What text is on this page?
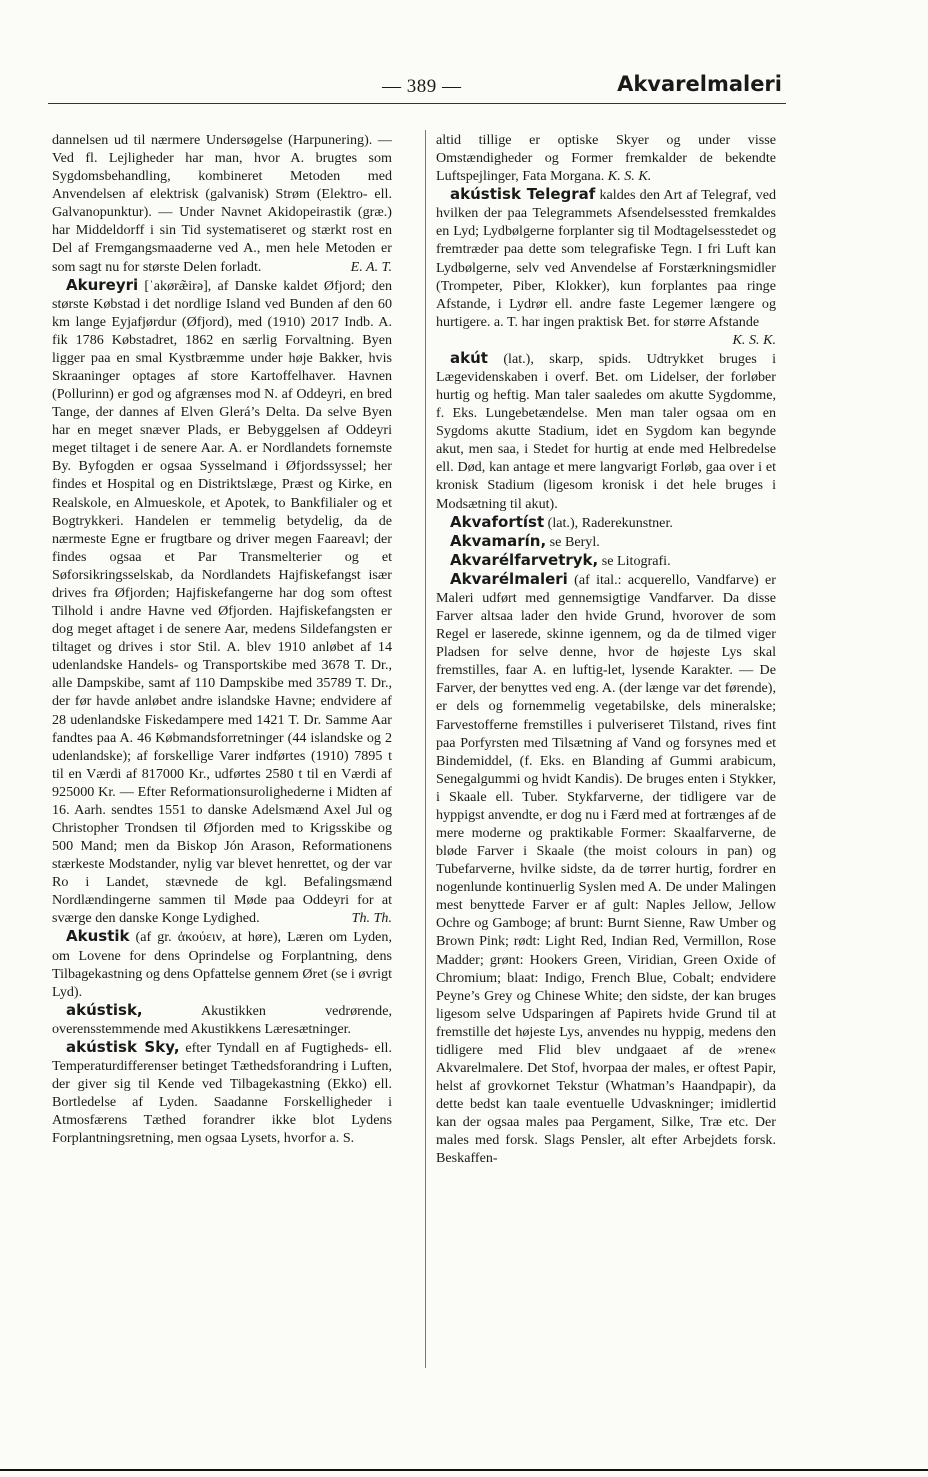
— 389 —	Akvarelmaleri

dannelsen ud til nærmere Undersøgelse (Harpunering). — Ved fl. Lejligheder har man, hvor A. brugtes som Sygdomsbehandling, kombineret Metoden med Anvendelsen af elektrisk (galvanisk) Strøm (Elektro- ell. Galvanopunktur). — Under Navnet Akidopeirastik (græ.) har Middeldorff i sin Tid systematiseret og stærkt rost en Del af Fremgangsmaaderne ved A., men hele Metoden er som sagt nu for største Delen forladt.	E. A. T.

Akureyri [ˈakøræ̃irə], af Danske kaldet Øfjord; den største Købstad i det nordlige Island ved Bunden af den 60 km lange Eyjafjørdur (Øfjord), med (1910) 2017 Indb. A. fik 1786 Købstadret, 1862 en særlig Forvaltning. Byen ligger paa en smal Kystbræmme under høje Bakker, hvis Skraaninger optages af store Kartoffelhaver. Havnen (Pollurinn) er god og afgrænses mod N. af Oddeyri, en bred Tange, der dannes af Elven Glerá’s Delta. Da selve Byen har en meget snæver Plads, er Bebyggelsen af Oddeyri meget tiltaget i de senere Aar. A. er Nordlandets fornemste By. Byfogden er ogsaa Sysselmand i Øfjordssyssel; her findes et Hospital og en Distriktslæge, Præst og Kirke, en Realskole, en Almueskole, et Apotek, to Bankfilialer og et Bogtrykkeri. Handelen er temmelig betydelig, da de nærmeste Egne er frugtbare og driver megen Faareavl; der findes ogsaa et Par Transmelterier og et Søforsikringsselskab, da Nordlandets Hajfiskefangst især drives fra Øfjorden; Hajfiskefangerne har dog som oftest Tilhold i andre Havne ved Øfjorden. Hajfiskefangsten er dog meget aftaget i de senere Aar, medens Sildefangsten er tiltaget og drives i stor Stil. A. blev 1910 anløbet af 14 udenlandske Handels- og Transportskibe med 3678 T. Dr., alle Dampskibe, samt af 110 Dampskibe med 35789 T. Dr., der før havde anløbet andre islandske Havne; endvidere af 28 udenlandske Fiskedampere med 1421 T. Dr. Samme Aar fandtes paa A. 46 Købmandsforretninger (44 islandske og 2 udenlandske); af forskellige Varer indførtes (1910) 7895 t til en Værdi af 817000 Kr., udførtes 2580 t til en Værdi af 925000 Kr. — Efter Reformationsurolighederne i Midten af 16. Aarh. sendtes 1551 to danske Adelsmænd Axel Jul og Christopher Trondsen til Øfjorden med to Krigsskibe og 500 Mand; men da Biskop Jón Arason, Reformationens stærkeste Modstander, nylig var blevet henrettet, og der var Ro i Landet, stævnede de kgl. Befalingsmænd Nordlændingerne sammen til Møde paa Oddeyri for at sværge den danske Konge Lydighed.	Th. Th.

Akustik (af gr. ἀκούειν, at høre), Læren om Lyden, om Lovene for dens Oprindelse og Forplantning, dens Tilbagekastning og dens Opfattelse gennem Øret (se i øvrigt Lyd).

akústisk, Akustikken vedrørende, overensstemmende med Akustikkens Læresætninger.

akústisk Sky, efter Tyndall en af Fugtigheds- ell. Temperaturdifferenser betinget Tæthedsforandring i Luften, der giver sig til Kende ved Tilbagekastning (Ekko) ell. Bortledelse af Lyden. Saadanne Forskelligheder i Atmosfærens Tæthed forandrer ikke blot Lydens Forplantningsretning, men ogsaa Lysets, hvorfor a. S.

altid tillige er optiske Skyer og under visse Omstændigheder og Former fremkalder de bekendte Luftspejlinger, Fata Morgana. K. S. K.

akústisk Telegraf kaldes den Art af Telegraf, ved hvilken der paa Telegrammets Afsendelsessted fremkaldes en Lyd; Lydbølgerne forplanter sig til Modtagelsesstedet og fremtræder paa dette som telegrafiske Tegn. I fri Luft kan Lydbølgerne, selv ved Anvendelse af Forstærkningsmidler (Trompeter, Piber, Klokker), kun forplantes paa ringe Afstande, i Lydrør ell. andre faste Legemer længere og hurtigere. a. T. har ingen praktisk Bet. for større Afstande

K. S. K.

akút (lat.), skarp, spids. Udtrykket bruges i Lægevidenskaben i overf. Bet. om Lidelser, der forløber hurtig og heftig. Man taler saaledes om akutte Sygdomme, f. Eks. Lungebetændelse. Men man taler ogsaa om en Sygdoms akutte Stadium, idet en Sygdom kan begynde akut, men saa, i Stedet for hurtig at ende med Helbredelse ell. Død, kan antage et mere langvarigt Forløb, gaa over i et kronisk Stadium (ligesom kronisk i det hele bruges i Modsætning til akut).

Akvafortíst (lat.), Raderekunstner.

Akvamarín, se Beryl.

Akvarélfarvetryk, se Litografi.

Akvarélmaleri (af ital.: acquerello, Vandfarve) er Maleri udført med gennemsigtige Vandfarver. Da disse Farver altsaa lader den hvide Grund, hvorover de som Regel er laserede, skinne igennem, og da de tilmed viger Pladsen for selve denne, hvor de højeste Lys skal fremstilles, faar A. en luftig-let, lysende Karakter. — De Farver, der benyttes ved eng. A. (der længe var det førende), er dels og fornemmelig vegetabilske, dels mineralske; Farvestofferne fremstilles i pulveriseret Tilstand, rives fint paa Porfyrsten med Tilsætning af Vand og forsynes med et Bindemiddel, (f. Eks. en Blanding af Gummi arabicum, Senegalgummi og hvidt Kandis). De bruges enten i Stykker, i Skaale ell. Tuber. Stykfarverne, der tidligere var de hyppigst anvendte, er dog nu i Færd med at fortrænges af de mere moderne og praktikable Former: Skaalfarverne, de bløde Farver i Skaale (the moist colours in pan) og Tubefarverne, hvilke sidste, da de tørrer hurtig, fordrer en nogenlunde kontinuerlig Syslen med A. De under Malingen mest benyttede Farver er af gult: Naples Jellow, Jellow Ochre og Gamboge; af brunt: Burnt Sienne, Raw Umber og Brown Pink; rødt: Light Red, Indian Red, Vermillon, Rose Madder; grønt: Hookers Green, Viridian, Green Oxide of Chromium; blaat: Indigo, French Blue, Cobalt; endvidere Peyne’s Grey og Chinese White; den sidste, der kan bruges ligesom selve Udsparingen af Papirets hvide Grund til at fremstille det højeste Lys, anvendes nu hyppig, medens den tidligere med Flid blev undgaaet af de »rene« Akvarelmalere. Det Stof, hvorpaa der males, er oftest Papir, helst af grovkornet Tekstur (Whatman’s Haandpapir), da dette bedst kan taale eventuelle Udvaskninger; imidlertid kan der ogsaa males paa Pergament, Silke, Træ etc. Der males med forsk. Slags Pensler, alt efter Arbejdets forsk. Beskaffen-
